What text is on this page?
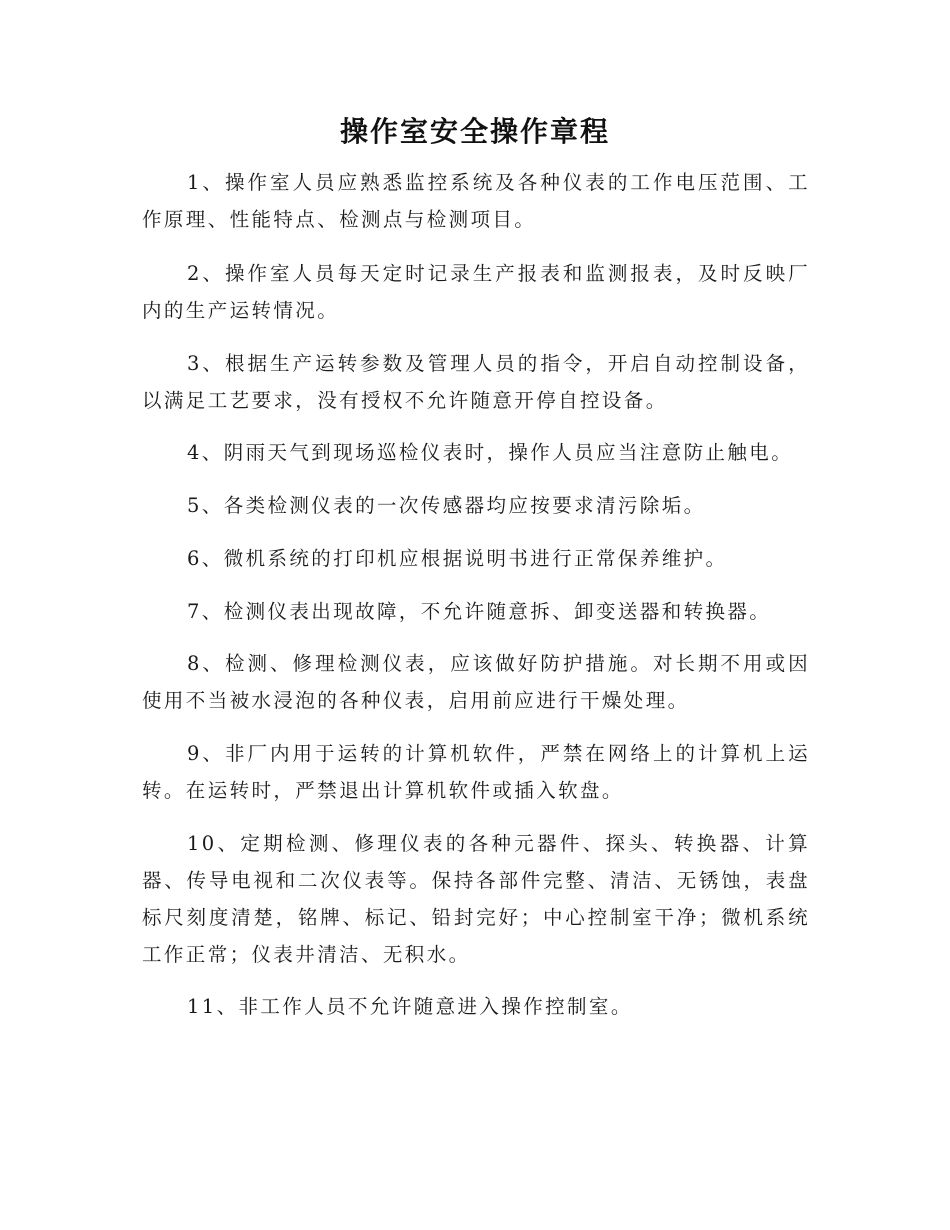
操作室安全操作章程

1、操作室人员应熟悉监控系统及各种仪表的工作电压范围、工作原理、性能特点、检测点与检测项目。

2、操作室人员每天定时记录生产报表和监测报表，及时反映厂内的生产运转情况。

3、根据生产运转参数及管理人员的指令，开启自动控制设备，以满足工艺要求，没有授权不允许随意开停自控设备。

4、阴雨天气到现场巡检仪表时，操作人员应当注意防止触电。

5、各类检测仪表的一次传感器均应按要求清污除垢。

6、微机系统的打印机应根据说明书进行正常保养维护。

7、检测仪表出现故障，不允许随意拆、卸变送器和转换器。

8、检测、修理检测仪表，应该做好防护措施。对长期不用或因使用不当被水浸泡的各种仪表，启用前应进行干燥处理。

9、非厂内用于运转的计算机软件，严禁在网络上的计算机上运转。在运转时，严禁退出计算机软件或插入软盘。

10、定期检测、修理仪表的各种元器件、探头、转换器、计算器、传导电视和二次仪表等。保持各部件完整、清洁、无锈蚀，表盘标尺刻度清楚，铭牌、标记、铅封完好；中心控制室干净；微机系统工作正常；仪表井清洁、无积水。

11、非工作人员不允许随意进入操作控制室。
